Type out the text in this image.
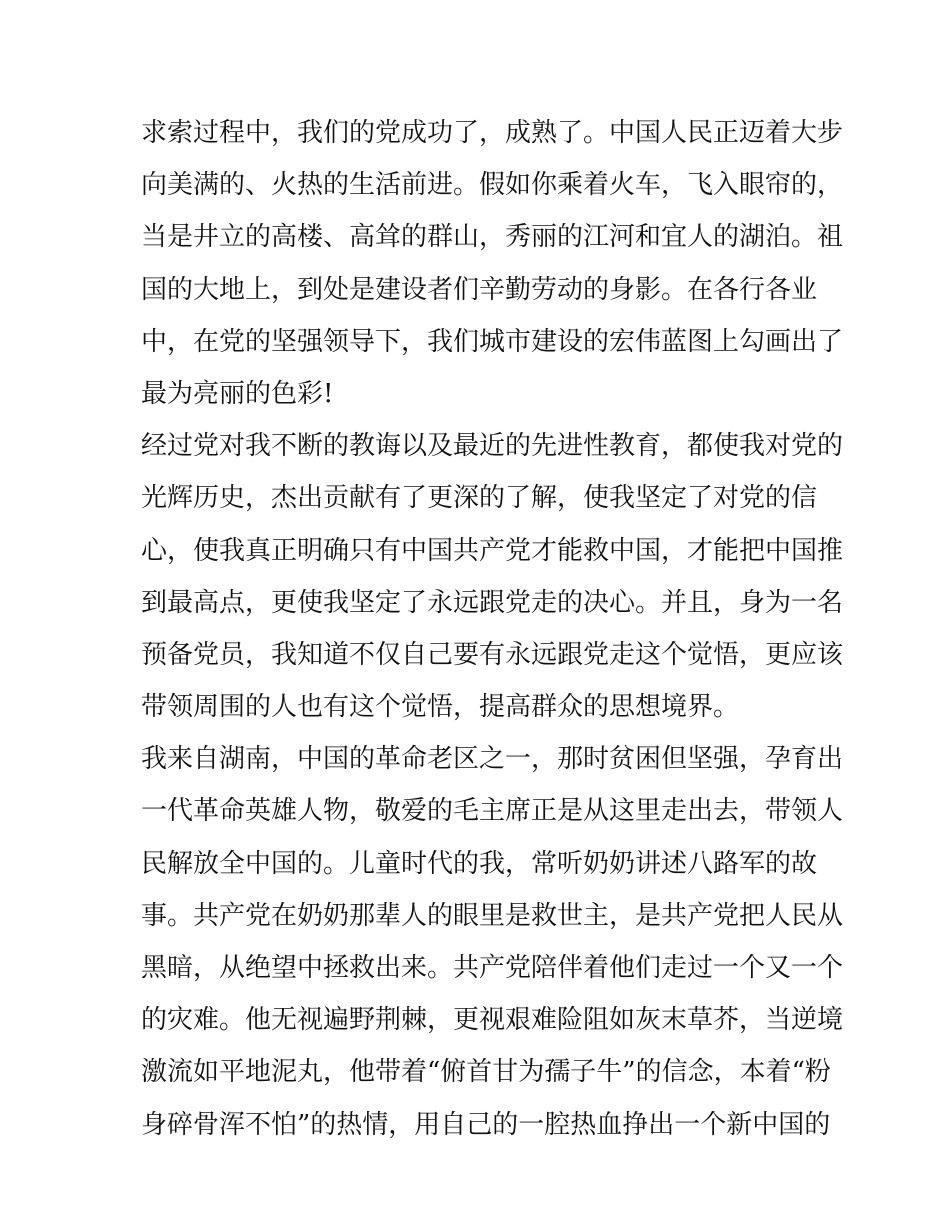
求索过程中，我们的党成功了，成熟了。中国人民正迈着大步
向美满的、火热的生活前进。假如你乘着火车，飞入眼帘的，
当是井立的高楼、高耸的群山，秀丽的江河和宜人的湖泊。祖
国的大地上，到处是建设者们辛勤劳动的身影。在各行各业
中，在党的坚强领导下，我们城市建设的宏伟蓝图上勾画出了
最为亮丽的色彩!
经过党对我不断的教诲以及最近的先进性教育，都使我对党的
光辉历史，杰出贡献有了更深的了解，使我坚定了对党的信
心，使我真正明确只有中国共产党才能救中国，才能把中国推
到最高点，更使我坚定了永远跟党走的决心。并且，身为一名
预备党员，我知道不仅自己要有永远跟党走这个觉悟，更应该
带领周围的人也有这个觉悟，提高群众的思想境界。
我来自湖南，中国的革命老区之一，那时贫困但坚强，孕育出
一代革命英雄人物，敬爱的毛主席正是从这里走出去，带领人
民解放全中国的。儿童时代的我，常听奶奶讲述八路军的故
事。共产党在奶奶那辈人的眼里是救世主，是共产党把人民从
黑暗，从绝望中拯救出来。共产党陪伴着他们走过一个又一个
的灾难。他无视遍野荆棘，更视艰难险阻如灰末草芥，当逆境
激流如平地泥丸，他带着“俯首甘为孺子牛”的信念，本着“粉
身碎骨浑不怕”的热情，用自己的一腔热血挣出一个新中国的
